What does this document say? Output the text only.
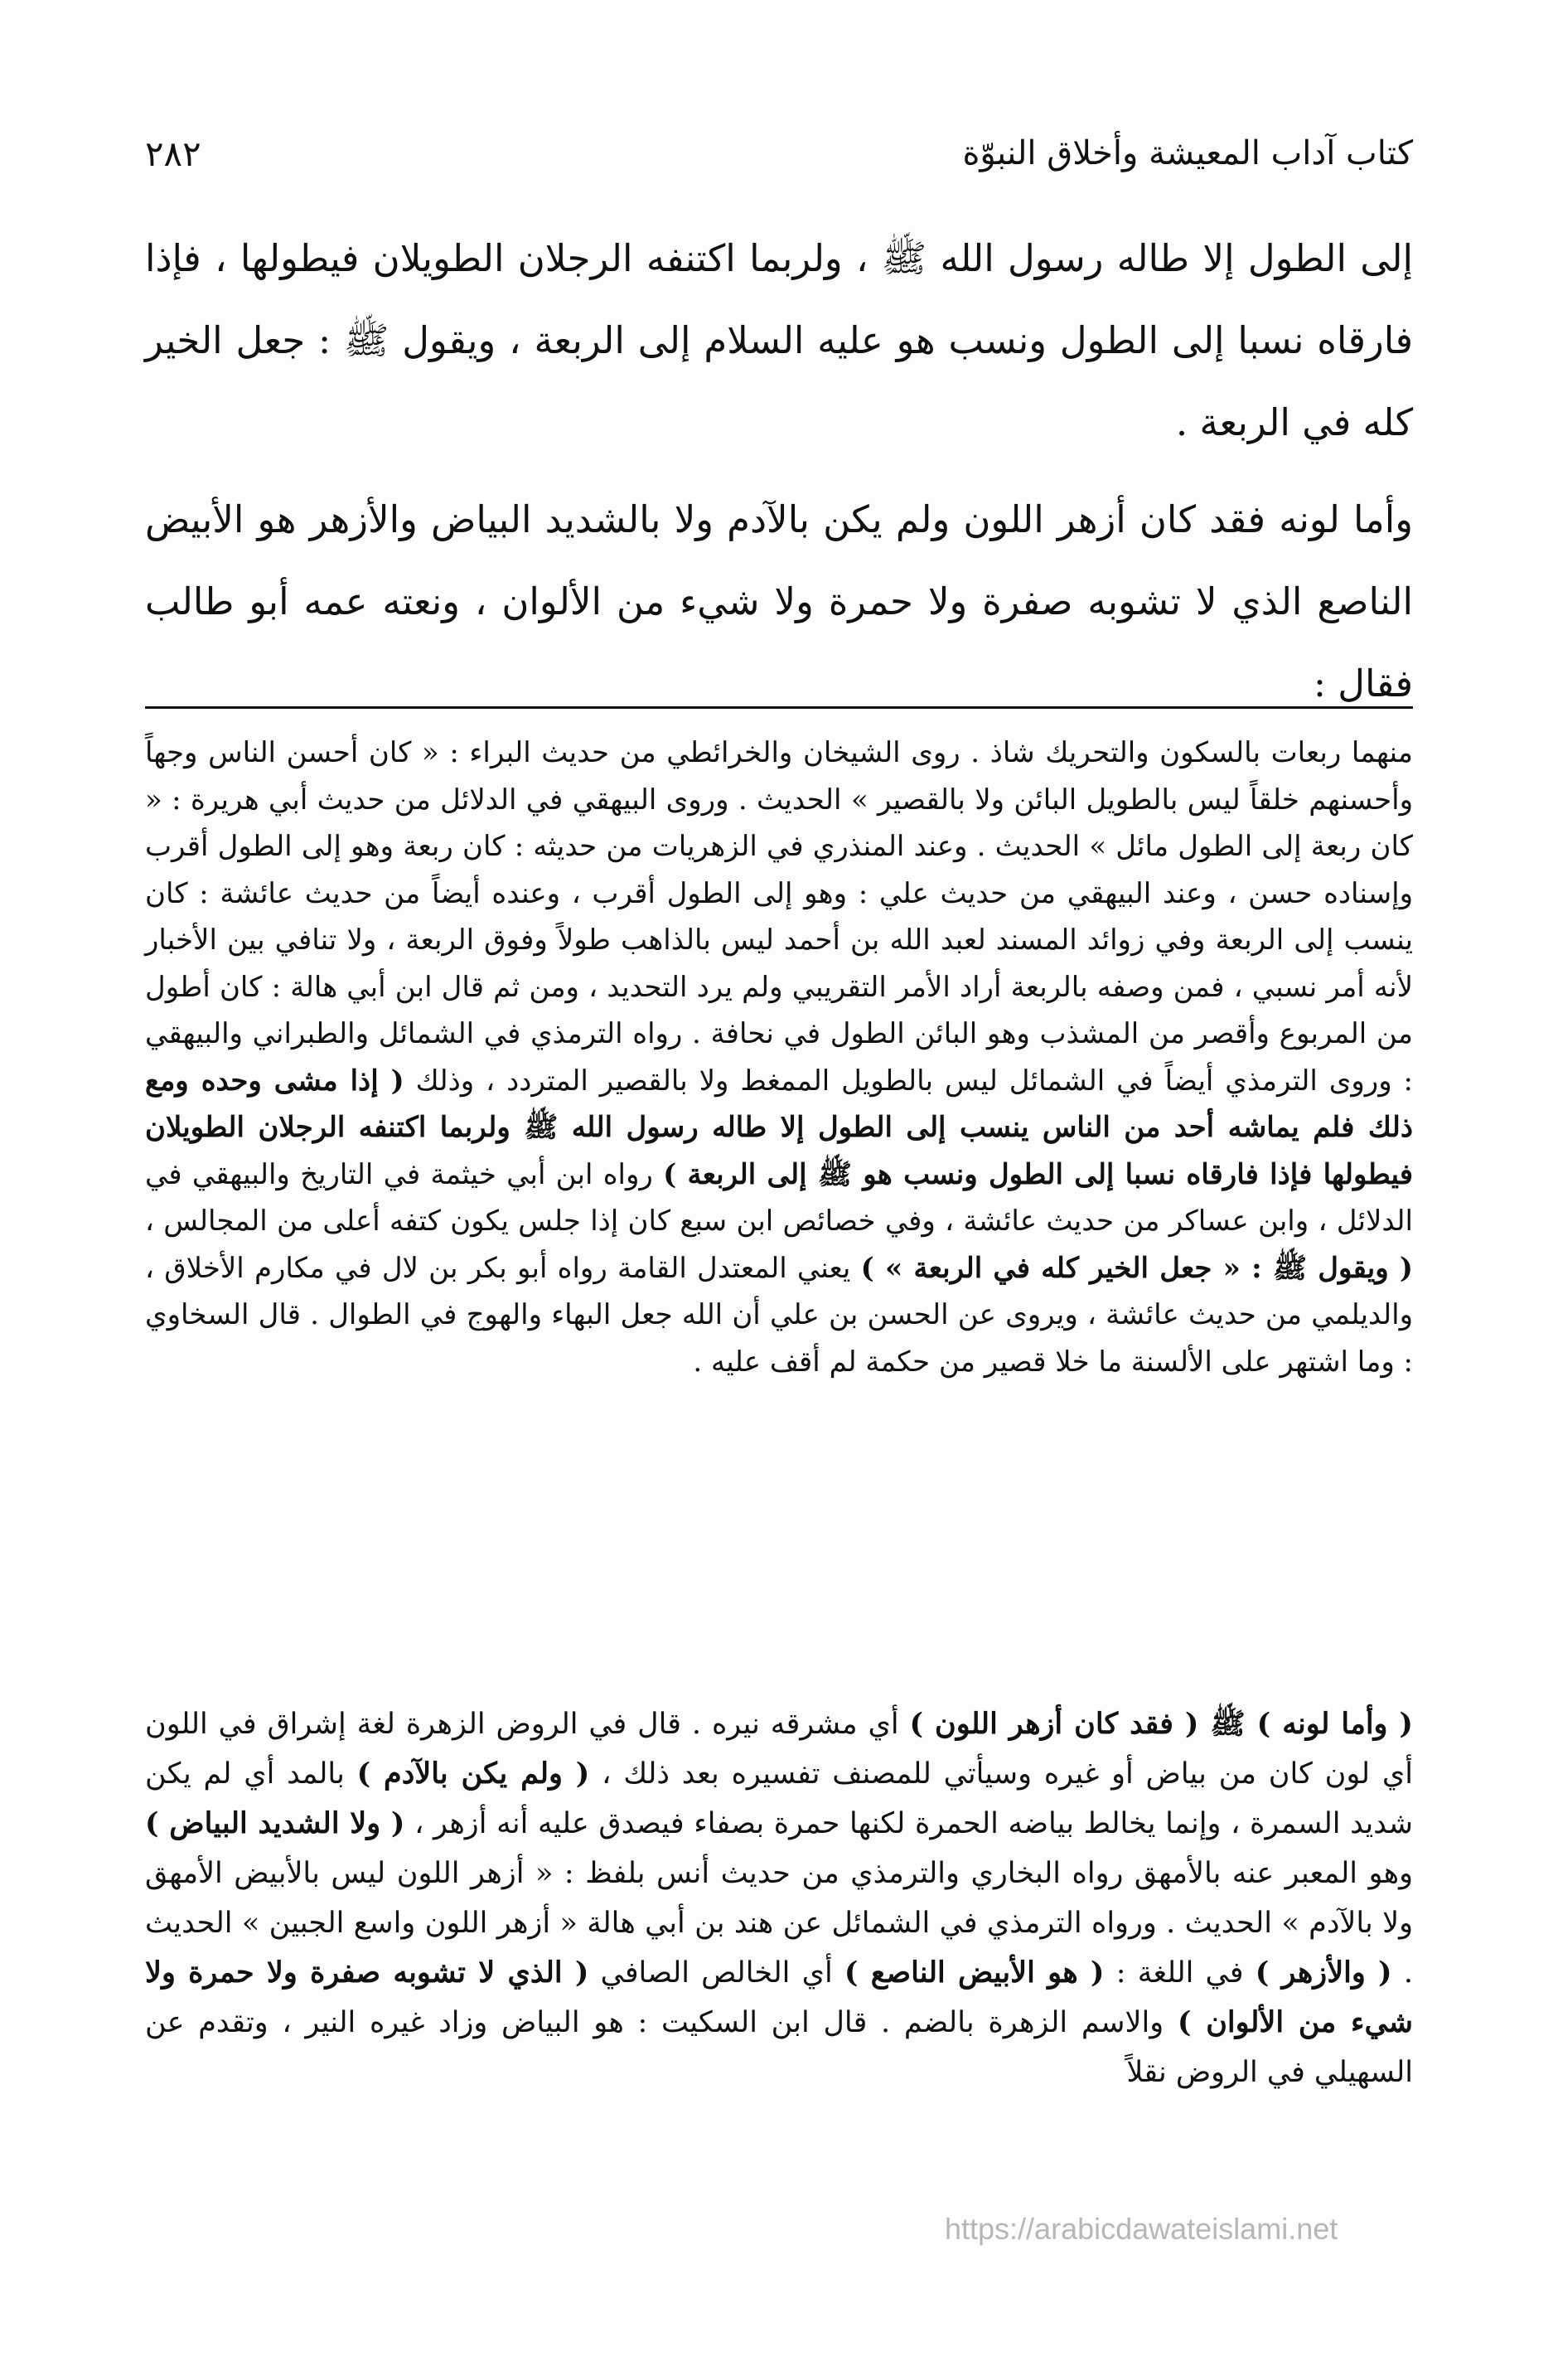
٢٨٢	كتاب آداب المعيشة وأخلاق النبوّة

إلى الطول إلا طاله رسول الله ﷺ ، ولربما اكتنفه الرجلان الطويلان فيطولها ، فإذا فارقاه نسبا إلى الطول ونسب هو عليه السلام إلى الربعة ، ويقول ﷺ : جعل الخير كله في الربعة .

وأما لونه فقد كان أزهر اللون ولم يكن بالآدم ولا بالشديد البياض والأزهر هو الأبيض الناصع الذي لا تشوبه صفرة ولا حمرة ولا شيء من الألوان ، ونعته عمه أبو طالب فقال :

منهما ربعات بالسكون والتحريك شاذ . روى الشيخان والخرائطي من حديث البراء : « كان أحسن الناس وجهاً وأحسنهم خلقاً ليس بالطويل البائن ولا بالقصير » الحديث . وروى البيهقي في الدلائل من حديث أبي هريرة : « كان ربعة إلى الطول مائل » الحديث . وعند المنذري في الزهريات من حديثه : كان ربعة وهو إلى الطول أقرب وإسناده حسن ، وعند البيهقي من حديث علي : وهو إلى الطول أقرب ، وعنده أيضاً من حديث عائشة : كان ينسب إلى الربعة وفي زوائد المسند لعبد الله بن أحمد ليس بالذاهب طولاً وفوق الربعة ، ولا تنافي بين الأخبار لأنه أمر نسبي ، فمن وصفه بالربعة أراد الأمر التقريبي ولم يرد التحديد ، ومن ثم قال ابن أبي هالة : كان أطول من المربوع وأقصر من المشذب وهو البائن الطول في نحافة . رواه الترمذي في الشمائل والطبراني والبيهقي : وروى الترمذي أيضاً في الشمائل ليس بالطويل الممغط ولا بالقصير المتردد ، وذلك ( إذا مشى وحده ومع ذلك فلم يماشه أحد من الناس ينسب إلى الطول إلا طاله رسول الله ﷺ ولربما اكتنفه الرجلان الطويلان فيطولها فإذا فارقاه نسبا إلى الطول ونسب هو ﷺ إلى الربعة ) رواه ابن أبي خيثمة في التاريخ والبيهقي في الدلائل ، وابن عساكر من حديث عائشة ، وفي خصائص ابن سبع كان إذا جلس يكون كتفه أعلى من المجالس ، ( ويقول ﷺ : « جعل الخير كله في الربعة » ) يعني المعتدل القامة رواه أبو بكر بن لال في مكارم الأخلاق ، والديلمي من حديث عائشة ، ويروى عن الحسن بن علي أن الله جعل البهاء والهوج في الطوال . قال السخاوي : وما اشتهر على الألسنة ما خلا قصير من حكمة لم أقف عليه .

( وأما لونه ) ﷺ ( فقد كان أزهر اللون ) أي مشرقه نيره . قال في الروض الزهرة لغة إشراق في اللون أي لون كان من بياض أو غيره وسيأتي للمصنف تفسيره بعد ذلك ، ( ولم يكن بالآدم ) بالمد أي لم يكن شديد السمرة ، وإنما يخالط بياضه الحمرة لكنها حمرة بصفاء فيصدق عليه أنه أزهر ، ( ولا الشديد البياض ) وهو المعبر عنه بالأمهق رواه البخاري والترمذي من حديث أنس بلفظ : « أزهر اللون ليس بالأبيض الأمهق ولا بالآدم » الحديث . ورواه الترمذي في الشمائل عن هند بن أبي هالة « أزهر اللون واسع الجبين » الحديث . ( والأزهر ) في اللغة : ( هو الأبيض الناصع ) أي الخالص الصافي ( الذي لا تشوبه صفرة ولا حمرة ولا شيء من الألوان ) والاسم الزهرة بالضم . قال ابن السكيت : هو البياض وزاد غيره النير ، وتقدم عن السهيلي في الروض نقلاً

https://arabicdawateislami.net
